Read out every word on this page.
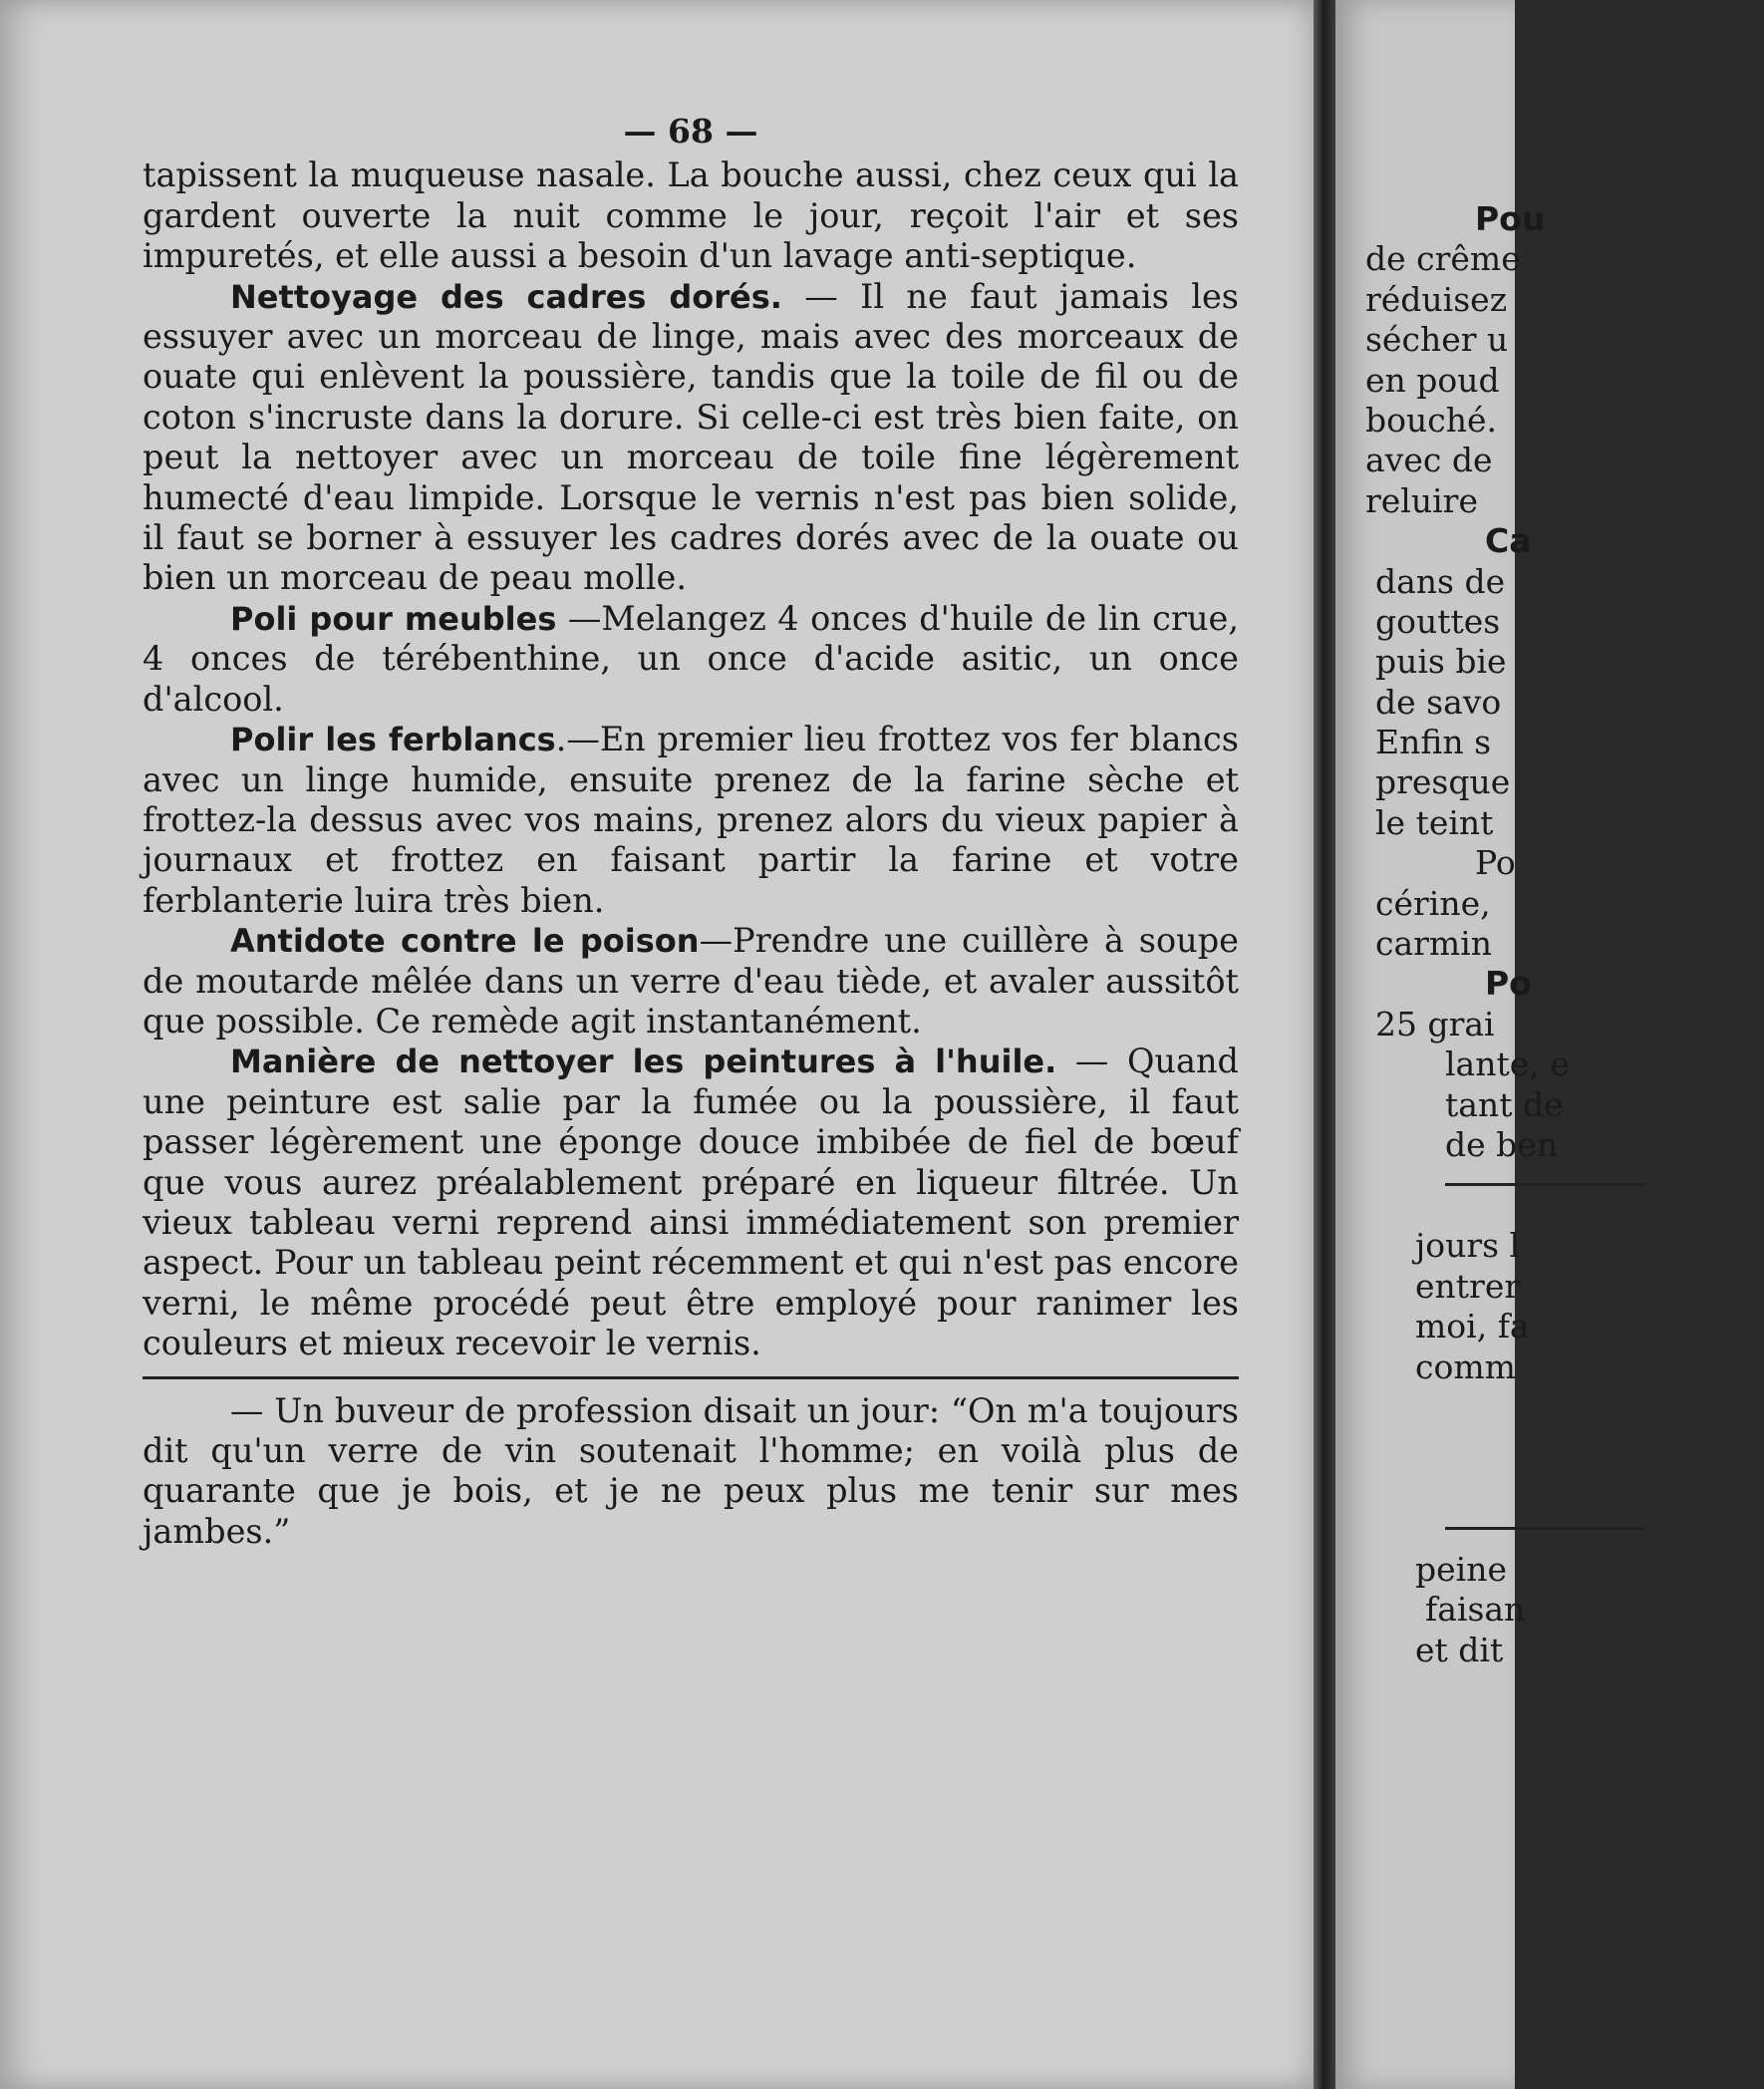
— 68 —

tapissent la muqueuse nasale. La bouche aussi, chez ceux qui la gardent ouverte la nuit comme le jour, reçoit l'air et ses impuretés, et elle aussi a besoin d'un lavage anti-septique.

Nettoyage des cadres dorés. — Il ne faut jamais les essuyer avec un morceau de linge, mais avec des morceaux de ouate qui enlèvent la poussière, tandis que la toile de fil ou de coton s'incruste dans la dorure. Si celle-ci est très bien faite, on peut la nettoyer avec un morceau de toile fine légèrement humecté d'eau limpide. Lorsque le vernis n'est pas bien solide, il faut se borner à essuyer les cadres dorés avec de la ouate ou bien un morceau de peau molle.

Poli pour meubles —Melangez 4 onces d'huile de lin crue, 4 onces de térébenthine, un once d'acide asitic, un once d'alcool.

Polir les ferblancs.—En premier lieu frottez vos fer blancs avec un linge humide, ensuite prenez de la farine sèche et frottez-la dessus avec vos mains, prenez alors du vieux papier à journaux et frottez en faisant partir la farine et votre ferblanterie luira très bien.

Antidote contre le poison—Prendre une cuillère à soupe de moutarde mêlée dans un verre d'eau tiède, et avaler aussitôt que possible. Ce remède agit instantanément.

Manière de nettoyer les peintures à l'huile. — Quand une peinture est salie par la fumée ou la poussière, il faut passer légèrement une éponge douce imbibée de fiel de bœuf que vous aurez préalablement préparé en liqueur filtrée. Un vieux tableau verni reprend ainsi immédiatement son premier aspect. Pour un tableau peint récemment et qui n'est pas encore verni, le même procédé peut être employé pour ranimer les couleurs et mieux recevoir le vernis.

— Un buveur de profession disait un jour: “On m'a toujours dit qu'un verre de vin soutenait l'homme; en voilà plus de quarante que je bois, et je ne peux plus me tenir sur mes jambes.”

Pou
de crême
réduisez
sécher u
en poud
bouché.
avec de
reluire
Ca
dans de
gouttes
puis bie
de savo
Enfin s
presque
le teint
Po
cérine,
carmin
Po
25 grai
lante, e
tant de
de ben
jours l
entrer
moi, fa
comm
peine
faisan
et dit
